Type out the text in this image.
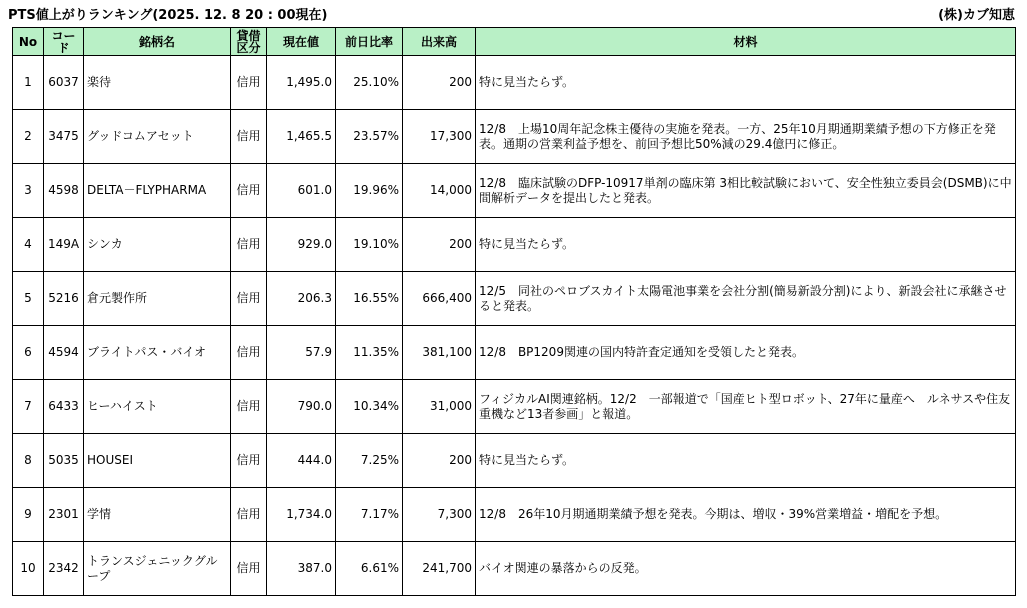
PTS値上がりランキング(2025. 12. 8 20 : 00現在)	(株)カブ知恵
No	コード	銘柄名	貸借区分	現在値	前日比率	出来高	材料
1	6037	楽待	信用	1,495.0	25.10%	200	特に見当たらず。
2	3475	グッドコムアセット	信用	1,465.5	23.57%	17,300	12/8　上場10周年記念株主優待の実施を発表。一方、25年10月期通期業績予想の下方修正を発表。通期の営業利益予想を、前回予想比50%減の29.4億円に修正。
3	4598	DELTA－FLYPHARMA	信用	601.0	19.96%	14,000	12/8　臨床試験のDFP-10917単剤の臨床第 3相比較試験において、安全性独立委員会(DSMB)に中間解析データを提出したと発表。
4	149A	シンカ	信用	929.0	19.10%	200	特に見当たらず。
5	5216	倉元製作所	信用	206.3	16.55%	666,400	12/5　同社のペロブスカイト太陽電池事業を会社分割(簡易新設分割)により、新設会社に承継させると発表。
6	4594	ブライトパス・バイオ	信用	57.9	11.35%	381,100	12/8　BP1209関連の国内特許査定通知を受領したと発表。
7	6433	ヒーハイスト	信用	790.0	10.34%	31,000	フィジカルAI関連銘柄。12/2　一部報道で「国産ヒト型ロボット、27年に量産へ　ルネサスや住友重機など13者参画」と報道。
8	5035	HOUSEI	信用	444.0	7.25%	200	特に見当たらず。
9	2301	学情	信用	1,734.0	7.17%	7,300	12/8　26年10月期通期業績予想を発表。今期は、増収・39%営業増益・増配を予想。
10	2342	トランスジェニックグループ	信用	387.0	6.61%	241,700	バイオ関連の暴落からの反発。
